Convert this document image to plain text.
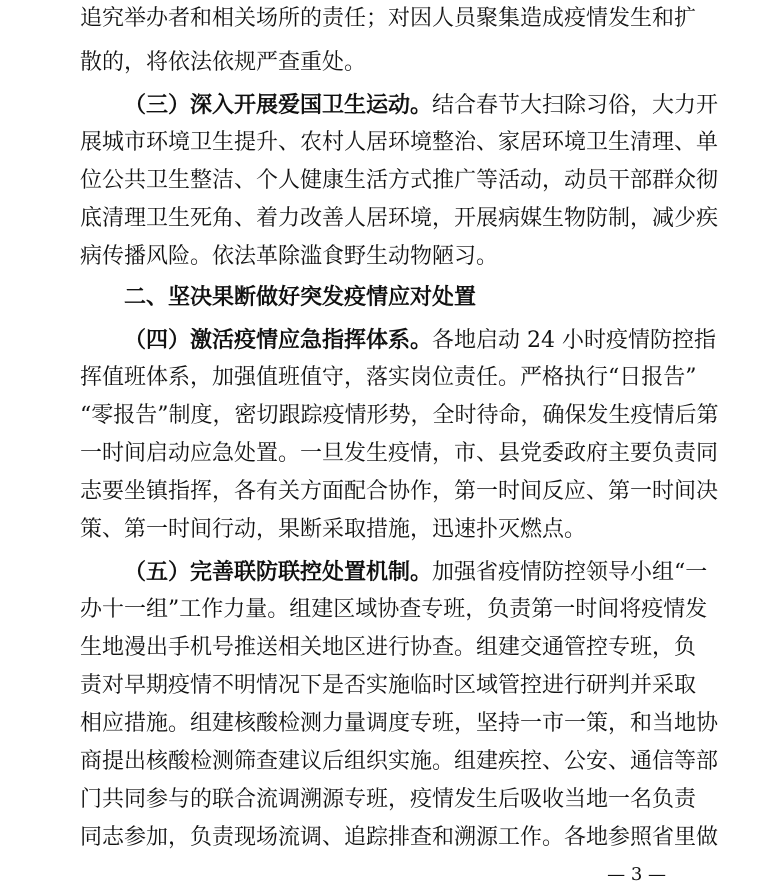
追究举办者和相关场所的责任；对因人员聚集造成疫情发生和扩
散的，将依法依规严查重处。
（三）深入开展爱国卫生运动。结合春节大扫除习俗，大力开
展城市环境卫生提升、农村人居环境整治、家居环境卫生清理、单
位公共卫生整洁、个人健康生活方式推广等活动，动员干部群众彻
底清理卫生死角、着力改善人居环境，开展病媒生物防制，减少疾
病传播风险。依法革除滥食野生动物陋习。
二、坚决果断做好突发疫情应对处置
（四）激活疫情应急指挥体系。各地启动 24 小时疫情防控指
挥值班体系，加强值班值守，落实岗位责任。严格执行“日报告”
“零报告”制度，密切跟踪疫情形势，全时待命，确保发生疫情后第
一时间启动应急处置。一旦发生疫情，市、县党委政府主要负责同
志要坐镇指挥，各有关方面配合协作，第一时间反应、第一时间决
策、第一时间行动，果断采取措施，迅速扑灭燃点。
（五）完善联防联控处置机制。加强省疫情防控领导小组“一
办十一组”工作力量。组建区域协查专班，负责第一时间将疫情发
生地漫出手机号推送相关地区进行协查。组建交通管控专班，负
责对早期疫情不明情况下是否实施临时区域管控进行研判并采取
相应措施。组建核酸检测力量调度专班，坚持一市一策，和当地协
商提出核酸检测筛查建议后组织实施。组建疾控、公安、通信等部
门共同参与的联合流调溯源专班，疫情发生后吸收当地一名负责
同志参加，负责现场流调、追踪排查和溯源工作。各地参照省里做
— 3 —
